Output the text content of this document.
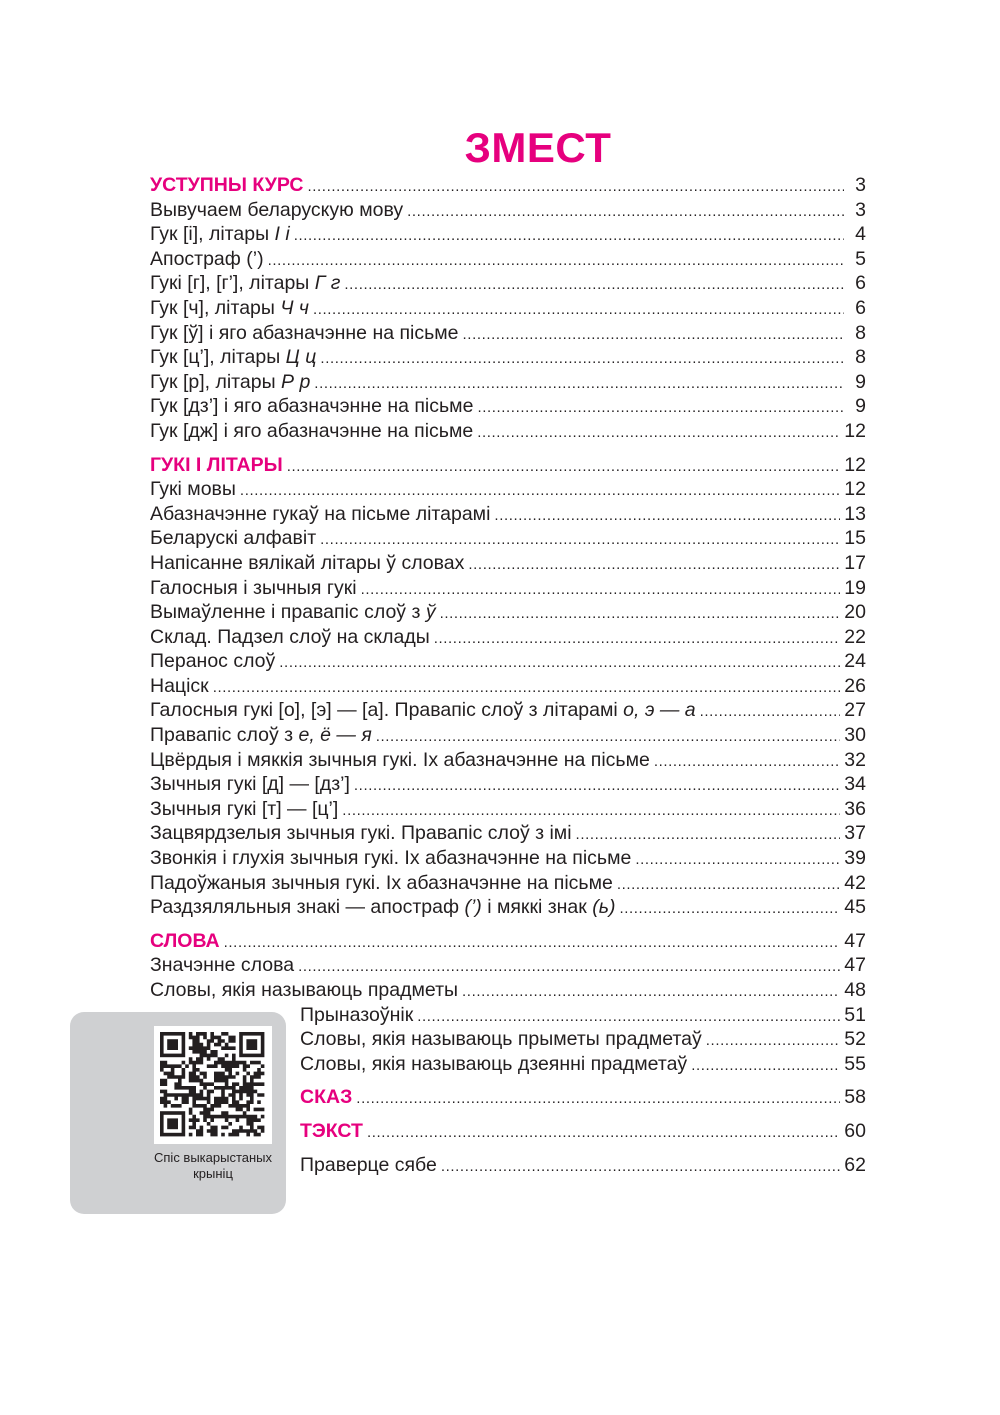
ЗМЕСТ
УСТУПНЫ КУРС .....	3
Вывучаем беларускую мову .....	3
Гук [і], літары І і .....	4
Апостраф (’) .....	5
Гукі [г], [г’], літары Г г .....	6
Гук [ч], літары Ч ч .....	6
Гук [ў] і яго абазначэнне на пісьме .....	8
Гук [ц’], літары Ц ц .....	8
Гук [р], літары Р р .....	9
Гук [дз’] і яго абазначэнне на пісьме .....	9
Гук [дж] і яго абазначэнне на пісьме .....	12
ГУКІ І ЛІТАРЫ .....	12
Гукі мовы .....	12
Абазначэнне гукаў на пісьме літарамі .....	13
Беларускі алфавіт .....	15
Напісанне вялікай літары ў словах .....	17
Галосныя і зычныя гукі .....	19
Вымаўленне і правапіс слоў з ў .....	20
Склад. Падзел слоў на склады .....	22
Перанос слоў .....	24
Націск .....	26
Галосныя гукі [о], [э] — [а]. Правапіс слоў з літарамі о, э — а .....	27
Правапіс слоў з е, ё — я .....	30
Цвёрдыя і мяккія зычныя гукі. Іх абазначэнне на пісьме .....	32
Зычныя гукі [д] — [дз’] .....	34
Зычныя гукі [т] — [ц’] .....	36
Зацвярдзелыя зычныя гукі. Правапіс слоў з імі .....	37
Звонкія і глухія зычныя гукі. Іх абазначэнне на пісьме .....	39
Падоўжаныя зычныя гукі. Іх абазначэнне на пісьме .....	42
Раздзяляльныя знакі — апостраф (’) і мяккі знак (ь) .....	45
СЛОВА .....	47
Значэнне слова .....	47
Словы, якія называюць прадметы .....	48
Прыназоўнік .....	51
Словы, якія называюць прыметы прадметаў .....	52
Словы, якія называюць дзеянні прадметаў .....	55
СКАЗ .....	58
ТЭКСТ .....	60
Праверце сябе .....	62
Спіс выкарыстаных крыніц
